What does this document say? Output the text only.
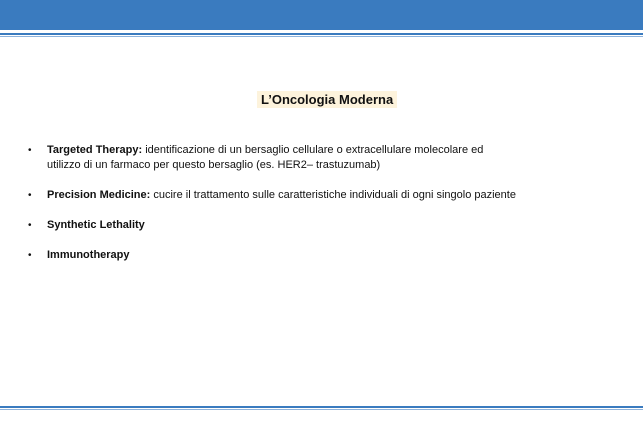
L’Oncologia Moderna
• Targeted Therapy: identificazione di un bersaglio cellulare o extracellulare molecolare ed
utilizzo di un farmaco per questo bersaglio (es. HER2– trastuzumab)
• Precision Medicine: cucire il trattamento sulle caratteristiche individuali di ogni singolo paziente
• Synthetic Lethality
• Immunotherapy
